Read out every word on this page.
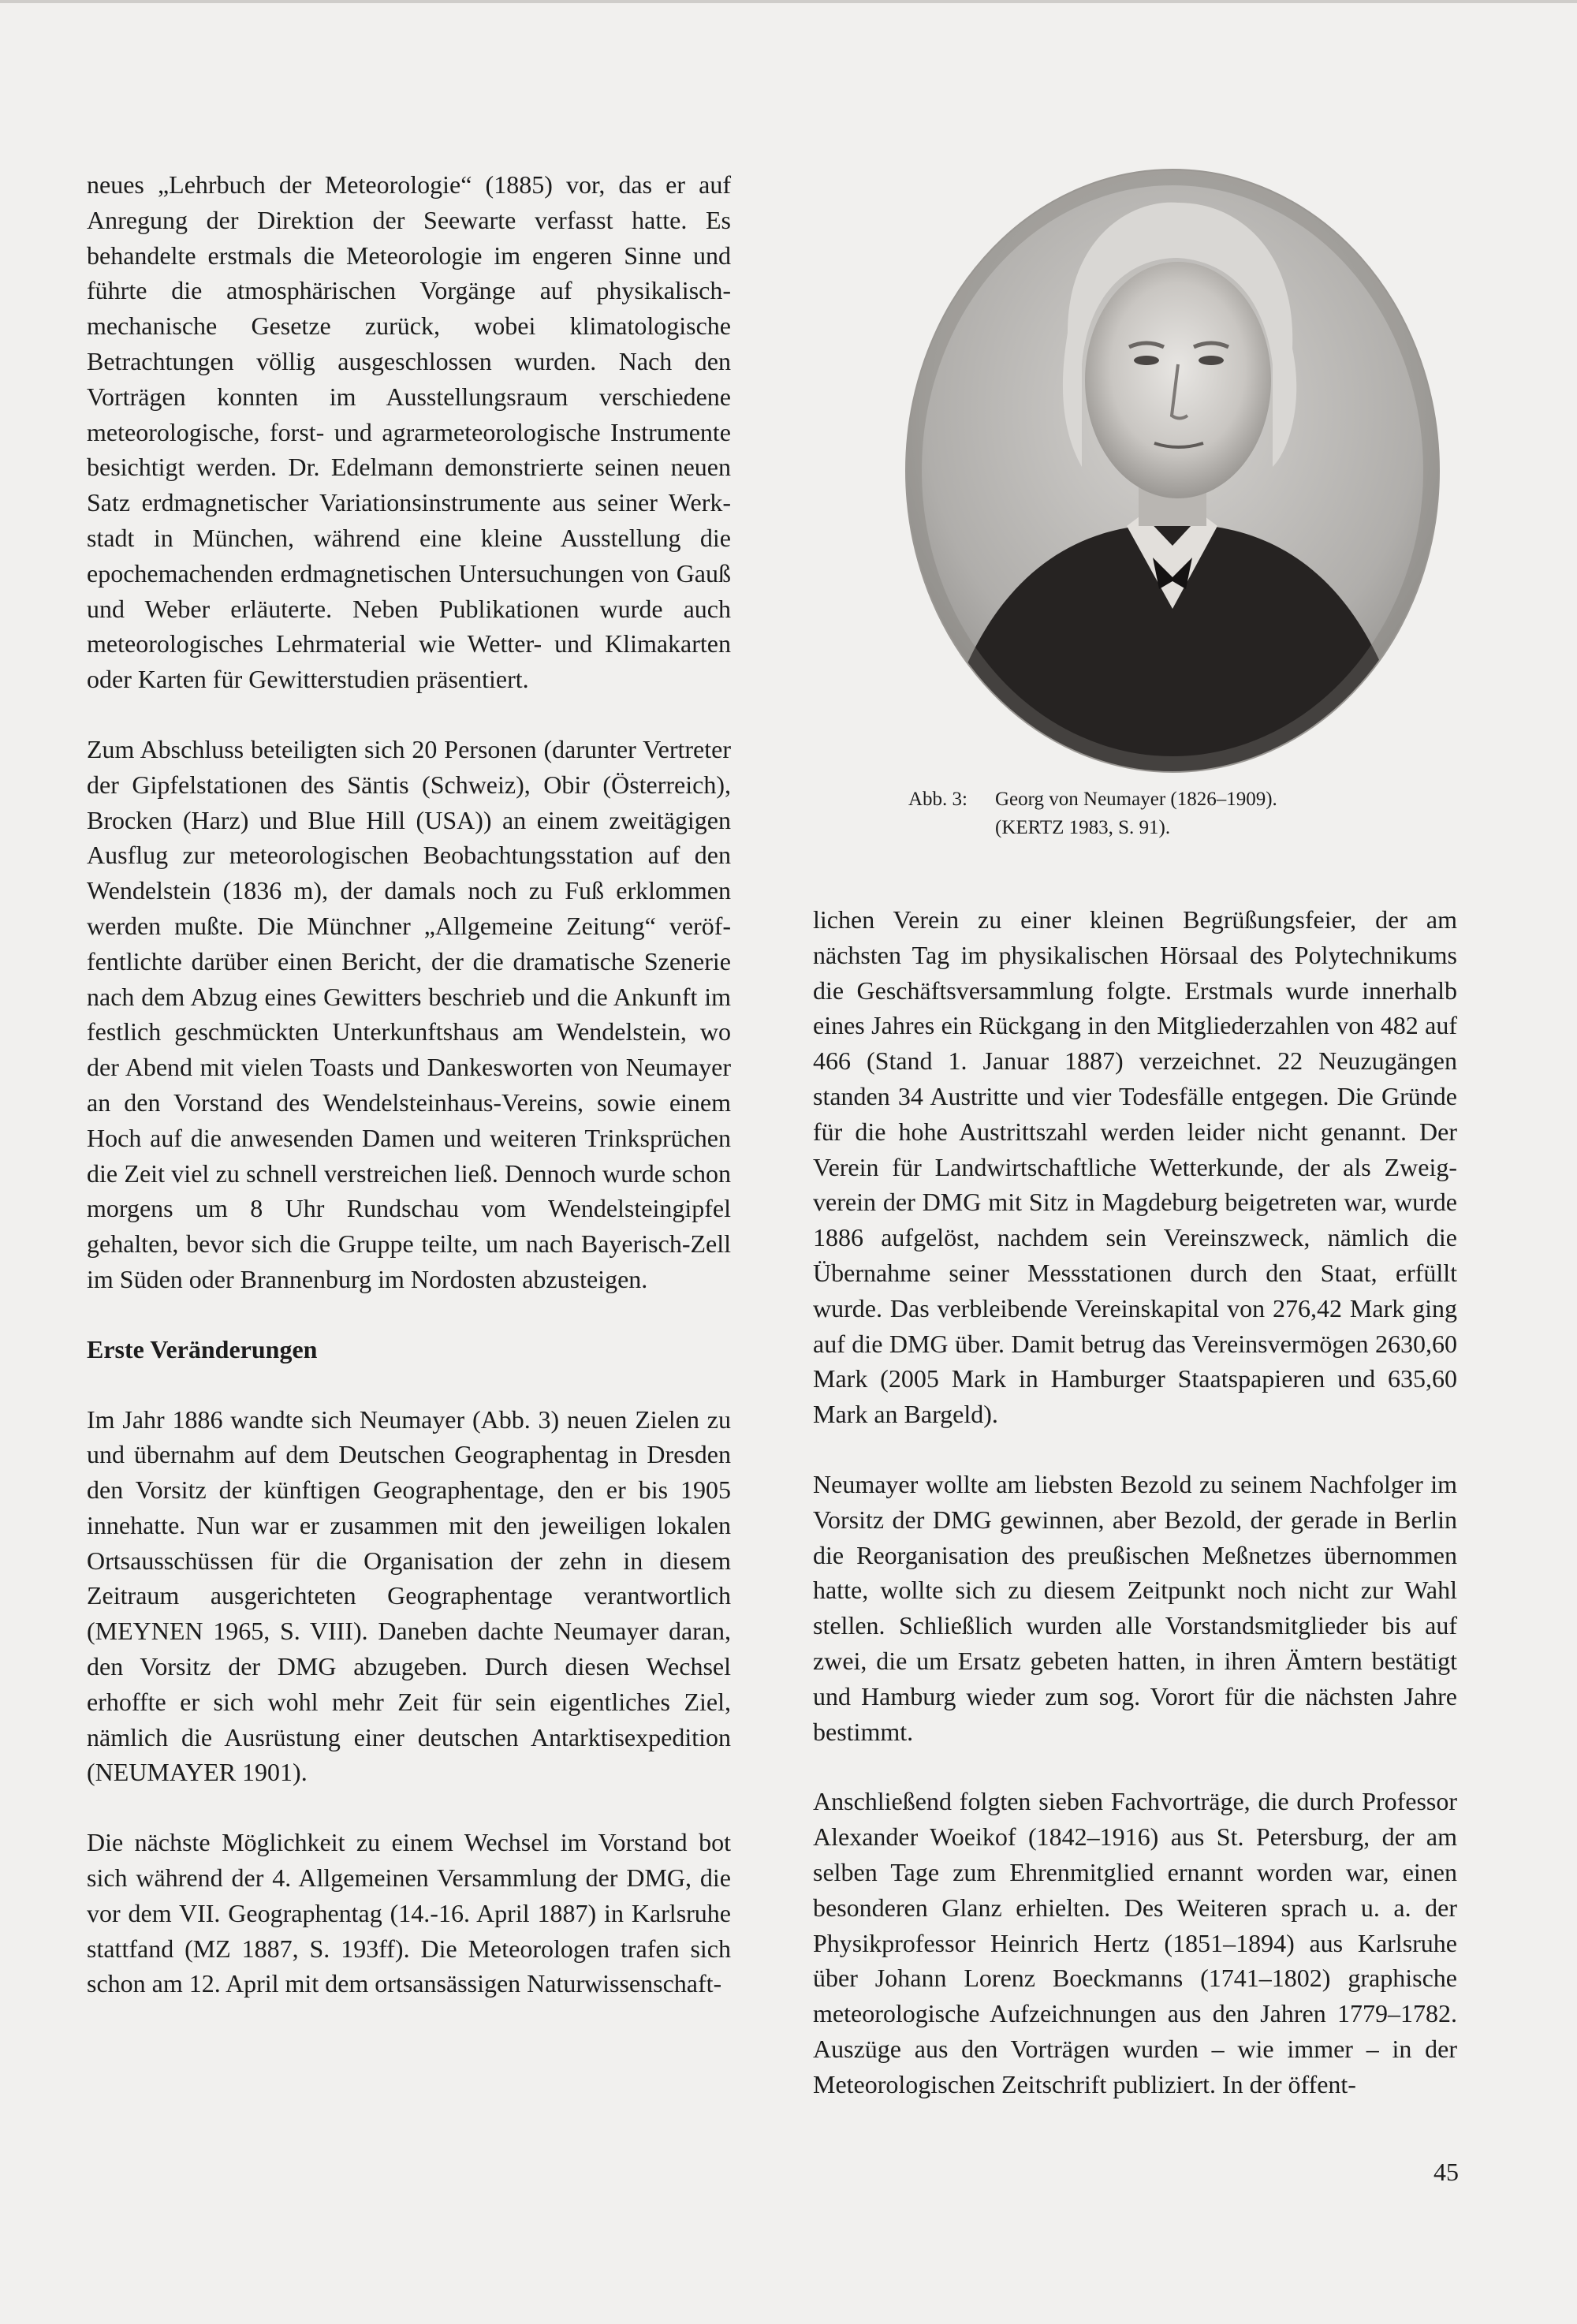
neues „Lehrbuch der Meteorologie“ (1885) vor, das er auf Anregung der Direktion der Seewarte verfasst hatte. Es behandelte erstmals die Meteorologie im engeren Sinne und führte die atmosphärischen Vorgänge auf physikalisch-mechanische Gesetze zurück, wobei klimatologische Betrachtungen völlig ausgeschlossen wurden. Nach den Vorträgen konnten im Ausstellungsraum verschiedene meteorologische, forst- und agrarmeteorologische Instrumente besichtigt werden. Dr. Edelmann demonstrierte seinen neuen Satz erdmagnetischer Variationsinstrumente aus seiner Werkstadt in München, während eine kleine Ausstellung die epochemachenden erdmagnetischen Untersuchungen von Gauß und Weber erläuterte. Neben Publikationen wurde auch meteorologisches Lehrmaterial wie Wetter- und Klimakarten oder Karten für Gewitterstudien präsentiert.

Zum Abschluss beteiligten sich 20 Personen (darunter Vertreter der Gipfelstationen des Säntis (Schweiz), Obir (Österreich), Brocken (Harz) und Blue Hill (USA)) an einem zweitägigen Ausflug zur meteorologischen Beobachtungsstation auf den Wendelstein (1836 m), der damals noch zu Fuß erklommen werden mußte. Die Münchner „Allgemeine Zeitung“ veröffentlichte darüber einen Bericht, der die dramatische Szenerie nach dem Abzug eines Gewitters beschrieb und die Ankunft im festlich geschmückten Unterkunftshaus am Wendelstein, wo der Abend mit vielen Toasts und Dankesworten von Neumayer an den Vorstand des Wendelsteinhaus-Vereins, sowie einem Hoch auf die anwesenden Damen und weiteren Trinksprüchen die Zeit viel zu schnell verstreichen ließ. Dennoch wurde schon morgens um 8 Uhr Rundschau vom Wendelsteingipfel gehalten, bevor sich die Gruppe teilte, um nach Bayerisch-Zell im Süden oder Brannenburg im Nordosten abzusteigen.

Erste Veränderungen

Im Jahr 1886 wandte sich Neumayer (Abb. 3) neuen Zielen zu und übernahm auf dem Deutschen Geographentag in Dresden den Vorsitz der künftigen Geographentage, den er bis 1905 innehatte. Nun war er zusammen mit den jeweiligen lokalen Ortsausschüssen für die Organisation der zehn in diesem Zeitraum ausgerichteten Geographentage verantwortlich (MEYNEN 1965, S. VIII). Daneben dachte Neumayer daran, den Vorsitz der DMG abzugeben. Durch diesen Wechsel erhoffte er sich wohl mehr Zeit für sein eigentliches Ziel, nämlich die Ausrüstung einer deutschen Antarktisexpedition (NEUMAYER 1901).

Die nächste Möglichkeit zu einem Wechsel im Vorstand bot sich während der 4. Allgemeinen Versammlung der DMG, die vor dem VII. Geographentag (14.-16. April 1887) in Karlsruhe stattfand (MZ 1887, S. 193ff). Die Meteorologen trafen sich schon am 12. April mit dem ortsansässigen Naturwissenschaft-

Abb. 3: Georg von Neumayer (1826–1909).
(KERTZ 1983, S. 91).

lichen Verein zu einer kleinen Begrüßungsfeier, der am nächsten Tag im physikalischen Hörsaal des Polytechnikums die Geschäftsversammlung folgte. Erstmals wurde innerhalb eines Jahres ein Rückgang in den Mitgliederzahlen von 482 auf 466 (Stand 1. Januar 1887) verzeichnet. 22 Neuzugängen standen 34 Austritte und vier Todesfälle entgegen. Die Gründe für die hohe Austrittszahl werden leider nicht genannt. Der Verein für Landwirtschaftliche Wetterkunde, der als Zweigverein der DMG mit Sitz in Magdeburg beigetreten war, wurde 1886 aufgelöst, nachdem sein Vereinszweck, nämlich die Übernahme seiner Messstationen durch den Staat, erfüllt wurde. Das verbleibende Vereinskapital von 276,42 Mark ging auf die DMG über. Damit betrug das Vereinsvermögen 2630,60 Mark (2005 Mark in Hamburger Staatspapieren und 635,60 Mark an Bargeld).

Neumayer wollte am liebsten Bezold zu seinem Nachfolger im Vorsitz der DMG gewinnen, aber Bezold, der gerade in Berlin die Reorganisation des preußischen Meßnetzes übernommen hatte, wollte sich zu diesem Zeitpunkt noch nicht zur Wahl stellen. Schließlich wurden alle Vorstandsmitglieder bis auf zwei, die um Ersatz gebeten hatten, in ihren Ämtern bestätigt und Hamburg wieder zum sog. Vorort für die nächsten Jahre bestimmt.

Anschließend folgten sieben Fachvorträge, die durch Professor Alexander Woeikof (1842–1916) aus St. Petersburg, der am selben Tage zum Ehrenmitglied ernannt worden war, einen besonderen Glanz erhielten. Des Weiteren sprach u. a. der Physikprofessor Heinrich Hertz (1851–1894) aus Karlsruhe über Johann Lorenz Boeckmanns (1741–1802) graphische meteorologische Aufzeichnungen aus den Jahren 1779–1782. Auszüge aus den Vorträgen wurden – wie immer – in der Meteorologischen Zeitschrift publiziert. In der öffent-

45
